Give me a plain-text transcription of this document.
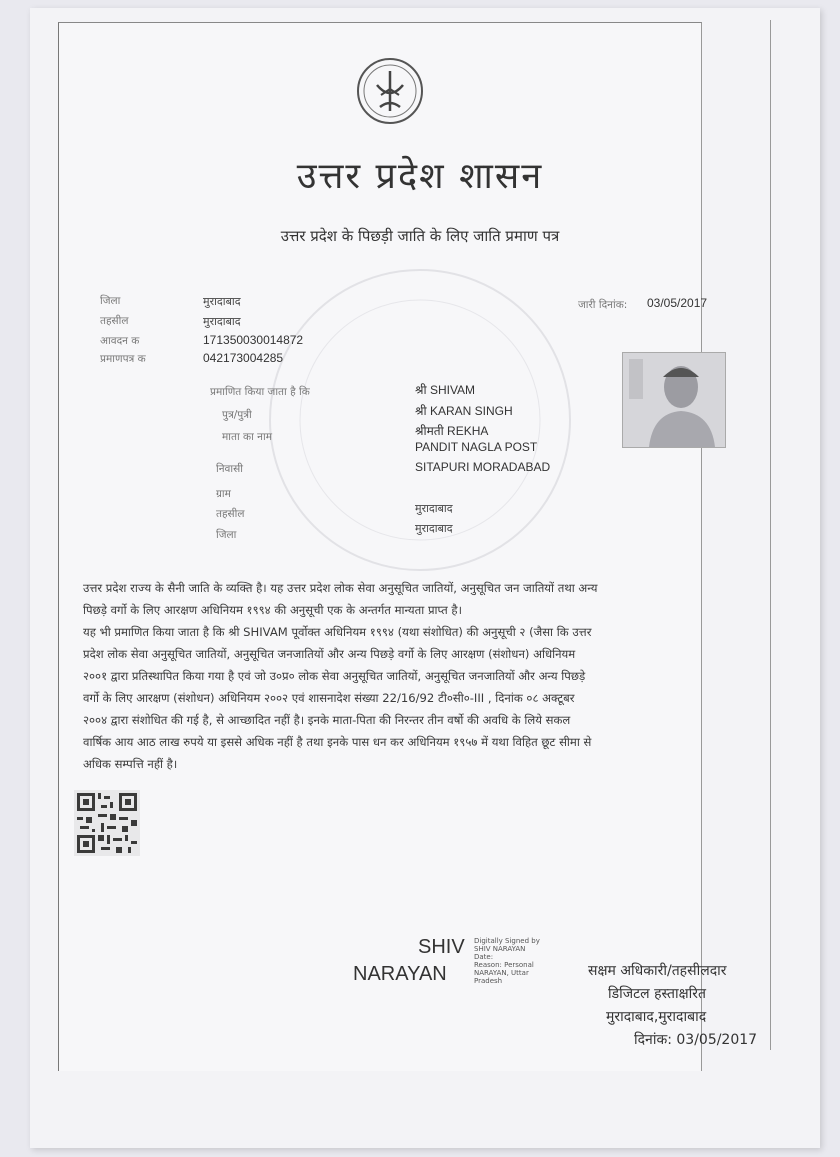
उत्तर प्रदेश शासन
उत्तर प्रदेश के पिछड़ी जाति के लिए जाति प्रमाण पत्र
जिला	मुरादाबाद
तहसील	मुरादाबाद
आवदन क	171350030014872
प्रमाणपत्र क	042173004285
जारी दिनांक: 03/05/2017
प्रमाणित किया जाता है कि	श्री SHIVAM
पुत्र/पुत्री	श्री KARAN SINGH
माता का नाम	श्रीमती REKHA
PANDIT NAGLA POST
निवासी	SITAPURI MORADABAD
ग्राम
तहसील	मुरादाबाद
जिला	मुरादाबाद
उत्तर प्रदेश राज्य के सैनी जाति के व्यक्ति है। यह उत्तर प्रदेश लोक सेवा अनुसूचित जातियों, अनुसूचित जन जातियों तथा अन्य
पिछड़े वर्गो के लिए आरक्षण अधिनियम १९९४ की अनुसूची एक के अन्तर्गत मान्यता प्राप्त है।
यह भी प्रमाणित किया जाता है कि श्री SHIVAM पूर्वोक्त अधिनियम १९९४ (यथा संशोधित) की अनुसूची २ (जैसा कि उत्तर
प्रदेश लोक सेवा अनुसूचित जातियों, अनुसूचित जनजातियों और अन्य पिछड़े वर्गो के लिए आरक्षण (संशोधन) अधिनियम
२००१ द्वारा प्रतिस्थापित किया गया है एवं जो उ०प्र० लोक सेवा अनुसूचित जातियों, अनुसूचित जनजातियों और अन्य पिछड़े
वर्गो के लिए आरक्षण (संशोधन) अधिनियम २००२ एवं शासनादेश संख्या 22/16/92 टी०सी०-III , दिनांक ०८ अक्टूबर
२००४ द्वारा संशोधित की गई है, से आच्छादित नहीं है। इनके माता-पिता की निरन्तर तीन वर्षो की अवधि के लिये सकल
वार्षिक आय आठ लाख रुपये या इससे अधिक नहीं है तथा इनके पास धन कर अधिनियम १९५७ में यथा विहित छूट सीमा से
अधिक सम्पत्ति नहीं है।
SHIV
NARAYAN
Digitally Signed by
SHIV NARAYAN
Date:
Reason: Personal
NARAYAN, Uttar
Pradesh
सक्षम अधिकारी/तहसीलदार
डिजिटल हस्ताक्षरित
मुरादाबाद,मुरादाबाद
दिनांक: 03/05/2017
